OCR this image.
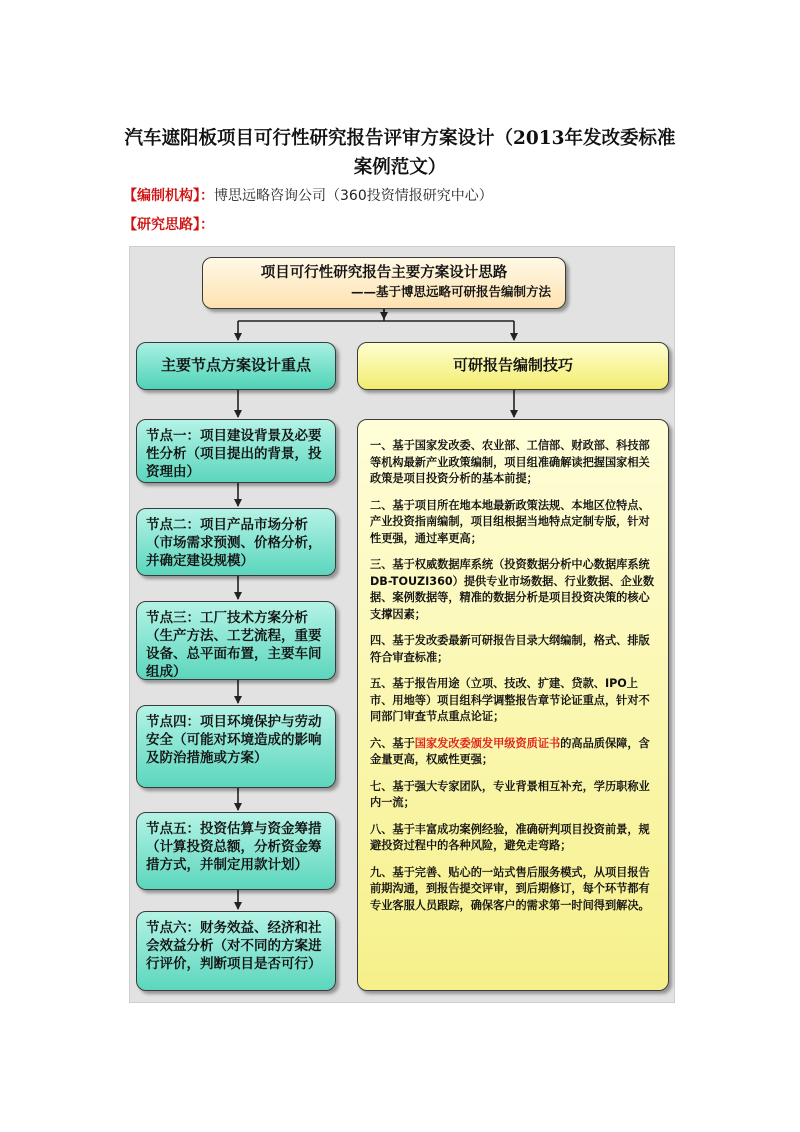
汽车遮阳板项目可行性研究报告评审方案设计（2013年发改委标准
案例范文）
【编制机构】：博思远略咨询公司（360投资情报研究中心）
【研究思路】：
项目可行性研究报告主要方案设计思路
——基于博思远略可研报告编制方法
主要节点方案设计重点	可研报告编制技巧
节点一：项目建设背景及必要性分析（项目提出的背景，投资理由）
节点二：项目产品市场分析（市场需求预测、价格分析，并确定建设规模）
节点三：工厂技术方案分析（生产方法、工艺流程，重要设备、总平面布置，主要车间组成）
节点四：项目环境保护与劳动安全（可能对环境造成的影响及防治措施或方案）
节点五：投资估算与资金筹措（计算投资总额，分析资金筹措方式，并制定用款计划）
节点六：财务效益、经济和社会效益分析（对不同的方案进行评价，判断项目是否可行）
一、基于国家发改委、农业部、工信部、财政部、科技部等机构最新产业政策编制，项目组准确解读把握国家相关政策是项目投资分析的基本前提；
二、基于项目所在地本地最新政策法规、本地区位特点、产业投资指南编制，项目组根据当地特点定制专版，针对性更强，通过率更高；
三、基于权威数据库系统（投资数据分析中心数据库系统DB-TOUZI360）提供专业市场数据、行业数据、企业数据、案例数据等，精准的数据分析是项目投资决策的核心支撑因素；
四、基于发改委最新可研报告目录大纲编制，格式、排版符合审查标准；
五、基于报告用途（立项、技改、扩建、贷款、IPO上市、用地等）项目组科学调整报告章节论证重点，针对不同部门审查节点重点论证；
六、基于国家发改委颁发甲级资质证书的高品质保障，含金量更高，权威性更强；
七、基于强大专家团队，专业背景相互补充，学历职称业内一流；
八、基于丰富成功案例经验，准确研判项目投资前景，规避投资过程中的各种风险，避免走弯路；
九、基于完善、贴心的一站式售后服务模式，从项目报告前期沟通，到报告提交评审，到后期修订，每个环节都有专业客服人员跟踪，确保客户的需求第一时间得到解决。
